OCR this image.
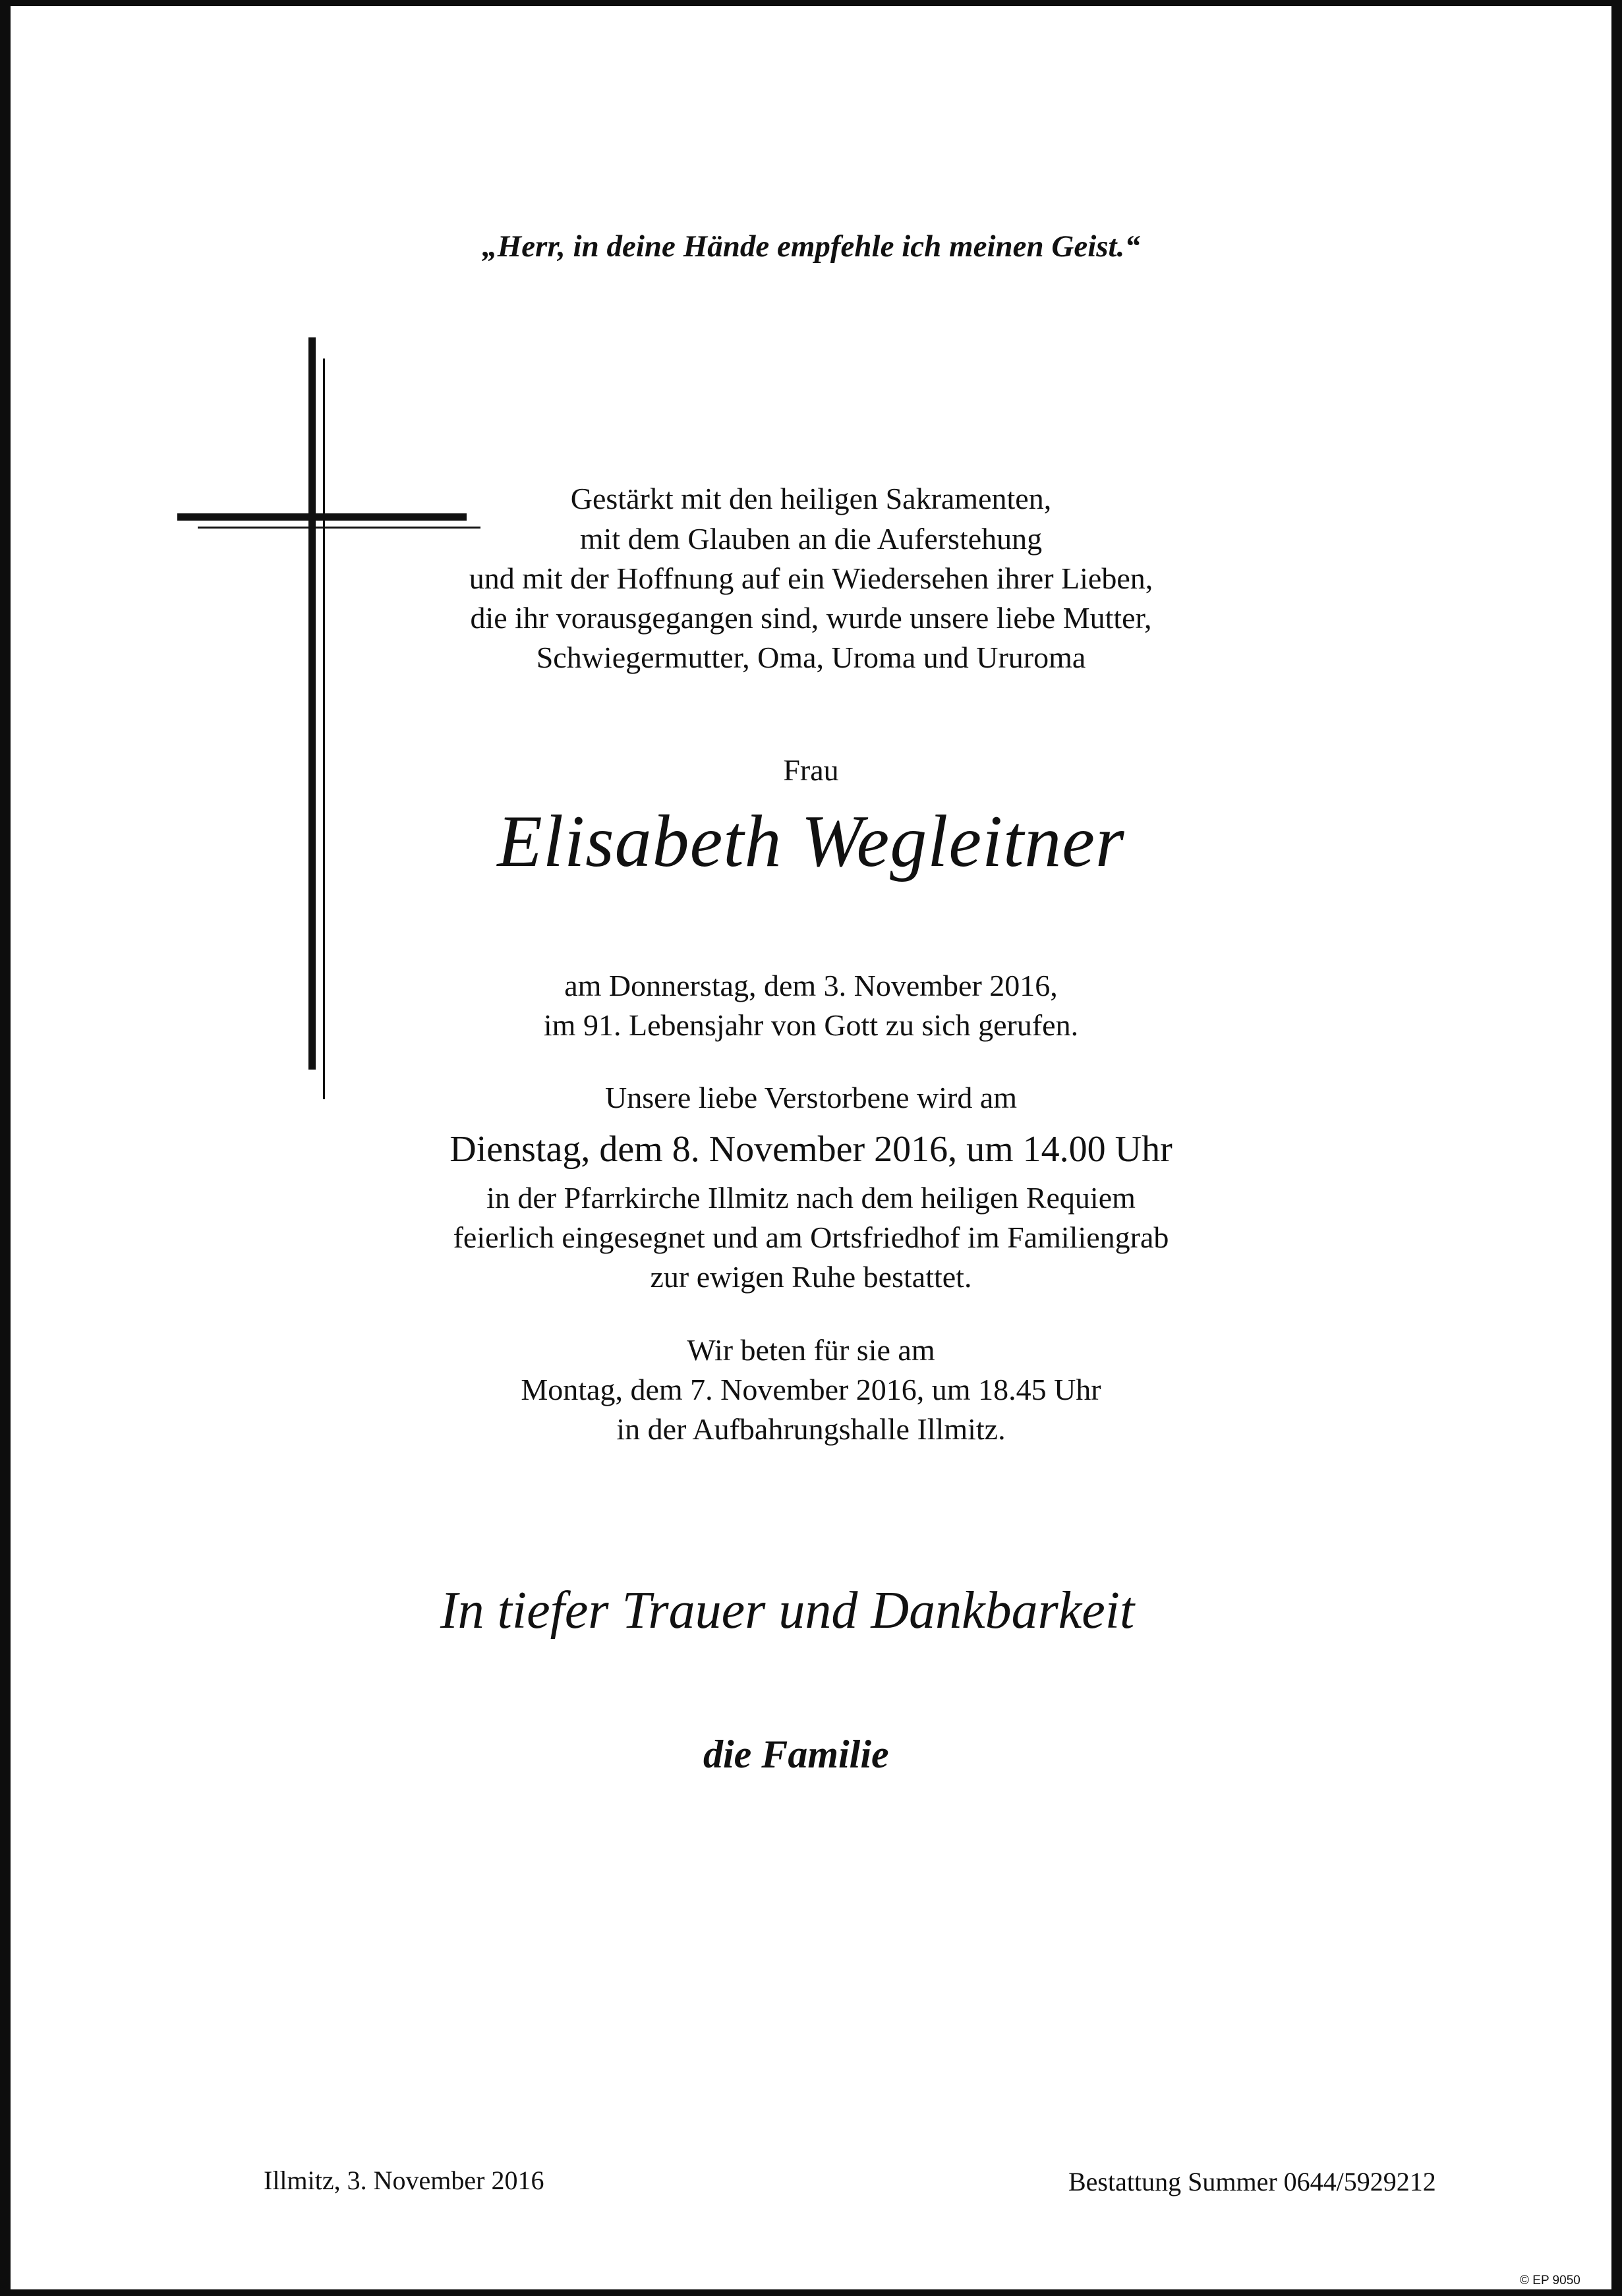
„Herr, in deine Hände empfehle ich meinen Geist.“
Gestärkt mit den heiligen Sakramenten,
mit dem Glauben an die Auferstehung
und mit der Hoffnung auf ein Wiedersehen ihrer Lieben,
die ihr vorausgegangen sind, wurde unsere liebe Mutter,
Schwiegermutter, Oma, Uroma und Ururoma
Frau
Elisabeth Wegleitner
am Donnerstag, dem 3. November 2016,
im 91. Lebensjahr von Gott zu sich gerufen.
Unsere liebe Verstorbene wird am
Dienstag, dem 8. November 2016, um 14.00 Uhr
in der Pfarrkirche Illmitz nach dem heiligen Requiem
feierlich eingesegnet und am Ortsfriedhof im Familiengrab
zur ewigen Ruhe bestattet.
Wir beten für sie am
Montag, dem 7. November 2016, um 18.45 Uhr
in der Aufbahrungshalle Illmitz.
In tiefer Trauer und Dankbarkeit
die Familie
Illmitz, 3. November 2016	Bestattung Summer 0644/5929212
© EP 9050
